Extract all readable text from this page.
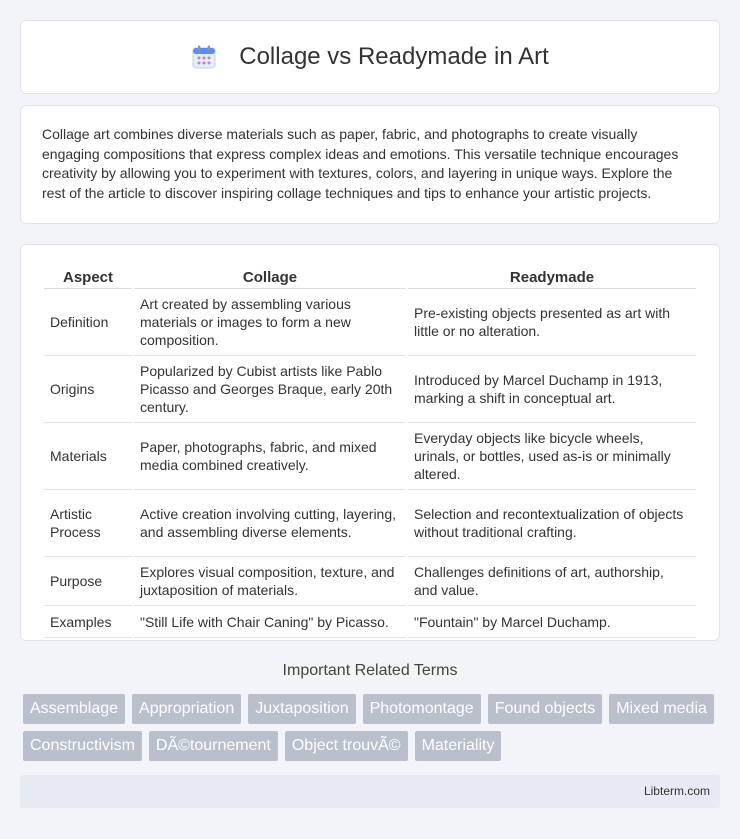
Collage vs Readymade in Art

Collage art combines diverse materials such as paper, fabric, and photographs to create visually engaging compositions that express complex ideas and emotions. This versatile technique encourages creativity by allowing you to experiment with textures, colors, and layering in unique ways. Explore the rest of the article to discover inspiring collage techniques and tips to enhance your artistic projects.

Aspect	Collage	Readymade
Definition	Art created by assembling various materials or images to form a new composition.	Pre-existing objects presented as art with little or no alteration.
Origins	Popularized by Cubist artists like Pablo Picasso and Georges Braque, early 20th century.	Introduced by Marcel Duchamp in 1913, marking a shift in conceptual art.
Materials	Paper, photographs, fabric, and mixed media combined creatively.	Everyday objects like bicycle wheels, urinals, or bottles, used as-is or minimally altered.
Artistic Process	Active creation involving cutting, layering, and assembling diverse elements.	Selection and recontextualization of objects without traditional crafting.
Purpose	Explores visual composition, texture, and juxtaposition of materials.	Challenges definitions of art, authorship, and value.
Examples	"Still Life with Chair Caning" by Picasso.	"Fountain" by Marcel Duchamp.
Important Related Terms
Assemblage	Appropriation	Juxtaposition	Photomontage	Found objects	Mixed media
Constructivism	DÃ©tournement	Object trouvÃ©	Materiality
Libterm.com
